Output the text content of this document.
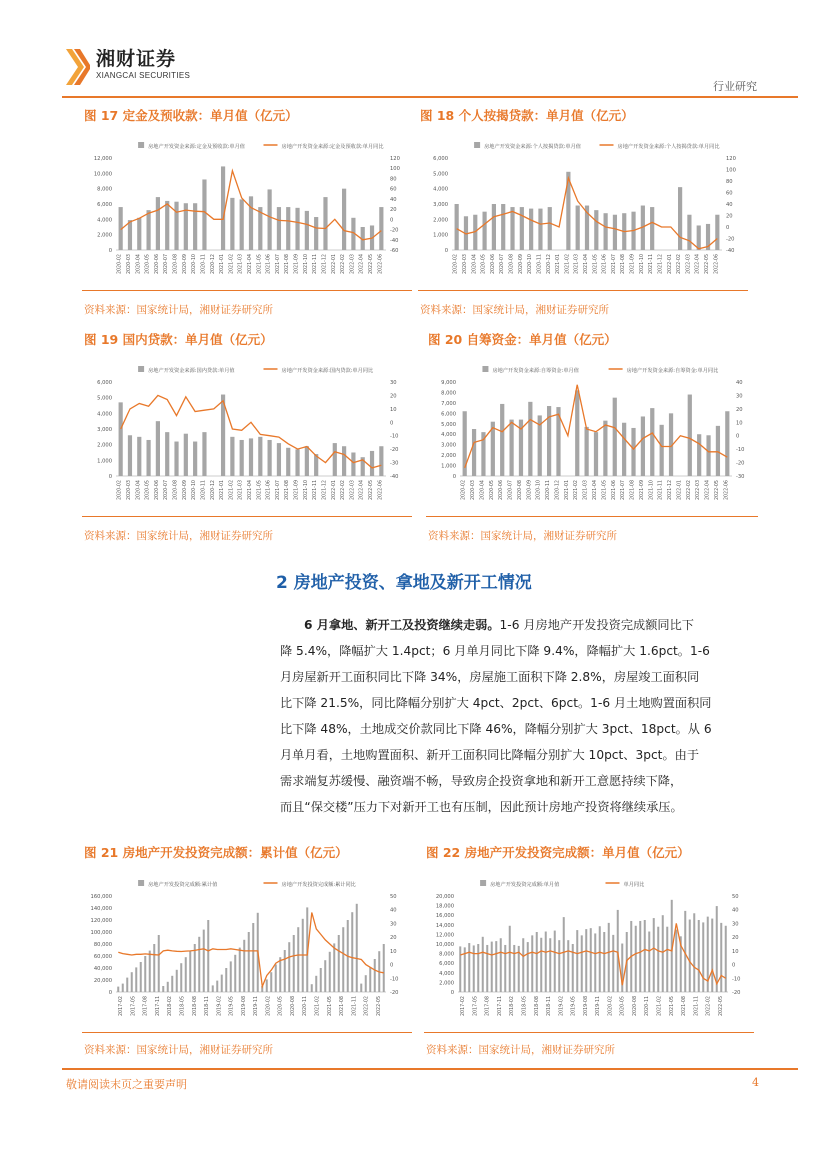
湘财证券
XIANGCAI SECURITIES
行业研究
图 17 定金及预收款：单月值（亿元）
房地产开发资金来源:定金及预收款:单月值	房地产开发资金来源:定金及预收款:单月同比
0
2,000
4,000
6,000
8,000
10,000
12,000
-60
-40
-20
0
20
40
60
80
100
120
2020-02 2020-03 2020-04 2020-05 2020-06 2020-07 2020-08 2020-09 2020-10 2020-11 2020-12 2021-01 2021-02 2021-03 2021-04 2021-05 2021-06 2021-07 2021-08 2021-09 2021-10 2021-11 2021-12 2022-01 2022-02 2022-03 2022-04 2022-05 2022-06
资料来源：国家统计局，湘财证券研究所
图 18 个人按揭贷款：单月值（亿元）
房地产开发资金来源:个人按揭贷款:单月值	房地产开发资金来源:个人按揭贷款:单月同比
0
1,000
2,000
3,000
4,000
5,000
6,000
-40
-20
0
20
40
60
80
100
120
2020-02 2020-03 2020-04 2020-05 2020-06 2020-07 2020-08 2020-09 2020-10 2020-11 2020-12 2021-01 2021-02 2021-03 2021-04 2021-05 2021-06 2021-07 2021-08 2021-09 2021-10 2021-11 2021-12 2022-01 2022-02 2022-03 2022-04 2022-05 2022-06
资料来源：国家统计局，湘财证券研究所
图 19 国内贷款：单月值（亿元）
房地产开发资金来源:国内贷款:单月值	房地产开发资金来源:国内贷款:单月同比
0
1,000
2,000
3,000
4,000
5,000
6,000
-40
-30
-20
-10
0
10
20
30
2020-02 2020-03 2020-04 2020-05 2020-06 2020-07 2020-08 2020-09 2020-10 2020-11 2020-12 2021-01 2021-02 2021-03 2021-04 2021-05 2021-06 2021-07 2021-08 2021-09 2021-10 2021-11 2021-12 2022-01 2022-02 2022-03 2022-04 2022-05 2022-06
资料来源：国家统计局，湘财证券研究所
图 20 自筹资金：单月值（亿元）
房地产开发资金来源:自筹资金:单月值	房地产开发资金来源:自筹资金:单月同比
0
1,000
2,000
3,000
4,000
5,000
6,000
7,000
8,000
9,000
-30
-20
-10
0
10
20
30
40
2020-02 2020-03 2020-04 2020-05 2020-06 2020-07 2020-08 2020-09 2020-10 2020-11 2020-12 2021-01 2021-02 2021-03 2021-04 2021-05 2021-06 2021-07 2021-08 2021-09 2021-10 2021-11 2021-12 2022-01 2022-02 2022-03 2022-04 2022-05 2022-06
资料来源：国家统计局，湘财证券研究所
2 房地产投资、拿地及新开工情况
6 月拿地、新开工及投资继续走弱。1-6 月房地产开发投资完成额同比下
降 5.4%，降幅扩大 1.4pct；6 月单月同比下降 9.4%，降幅扩大 1.6pct。1-6
月房屋新开工面积同比下降 34%，房屋施工面积下降 2.8%，房屋竣工面积同
比下降 21.5%，同比降幅分别扩大 4pct、2pct、6pct。1-6 月土地购置面积同
比下降 48%，土地成交价款同比下降 46%，降幅分别扩大 3pct、18pct。从 6
月单月看，土地购置面积、新开工面积同比降幅分别扩大 10pct、3pct。由于
需求端复苏缓慢、融资端不畅，导致房企投资拿地和新开工意愿持续下降，
而且“保交楼”压力下对新开工也有压制，因此预计房地产投资将继续承压。
图 21 房地产开发投资完成额：累计值（亿元）
房地产开发投资完成额:累计值	房地产开发投资完成额:累计同比
0
20,000
40,000
60,000
80,000
100,000
120,000
140,000
160,000
-20
-10
0
10
20
30
40
50
2017-02 2017-05 2017-08 2017-11 2018-02 2018-05 2018-08 2018-11 2019-02 2019-05 2019-08 2019-11 2020-02 2020-05 2020-08 2020-11 2021-02 2021-05 2021-08 2021-11 2022-02 2022-05
资料来源：国家统计局，湘财证券研究所
图 22 房地产开发投资完成额：单月值（亿元）
房地产开发投资完成额:单月值	单月同比
0
2,000
4,000
6,000
8,000
10,000
12,000
14,000
16,000
18,000
20,000
-20
-10
0
10
20
30
40
50
2017-02 2017-05 2017-08 2017-11 2018-02 2018-05 2018-08 2018-11 2019-02 2019-05 2019-08 2019-11 2020-02 2020-05 2020-08 2020-11 2021-02 2021-05 2021-08 2021-11 2022-02 2022-05
资料来源：国家统计局，湘财证券研究所
敬请阅读末页之重要声明	4
